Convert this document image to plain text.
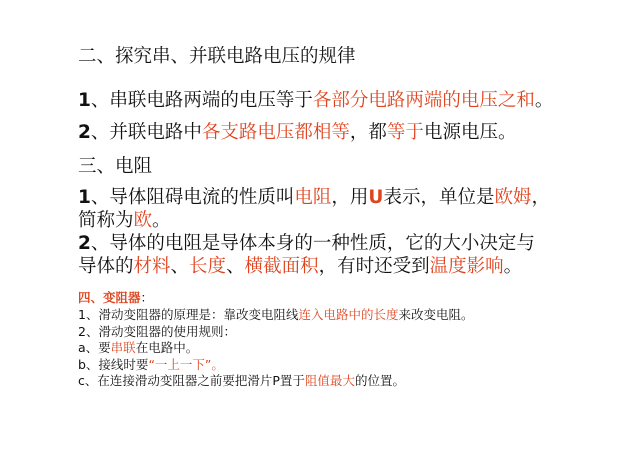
二、探究串、并联电路电压的规律
1、串联电路两端的电压等于各部分电路两端的电压之和。
2、并联电路中各支路电压都相等，都等于电源电压。
三、电阻
1、导体阻碍电流的性质叫电阻，用U表示，单位是欧姆，
简称为欧。
2、导体的电阻是导体本身的一种性质，它的大小决定与
导体的材料、长度、横截面积，有时还受到温度影响。
四、变阻器：
1、滑动变阻器的原理是：靠改变电阻线连入电路中的长度来改变电阻。
2、滑动变阻器的使用规则：
a、要串联在电路中。
b、接线时要“一上一下”。
c、在连接滑动变阻器之前要把滑片P置于阻值最大的位置。
